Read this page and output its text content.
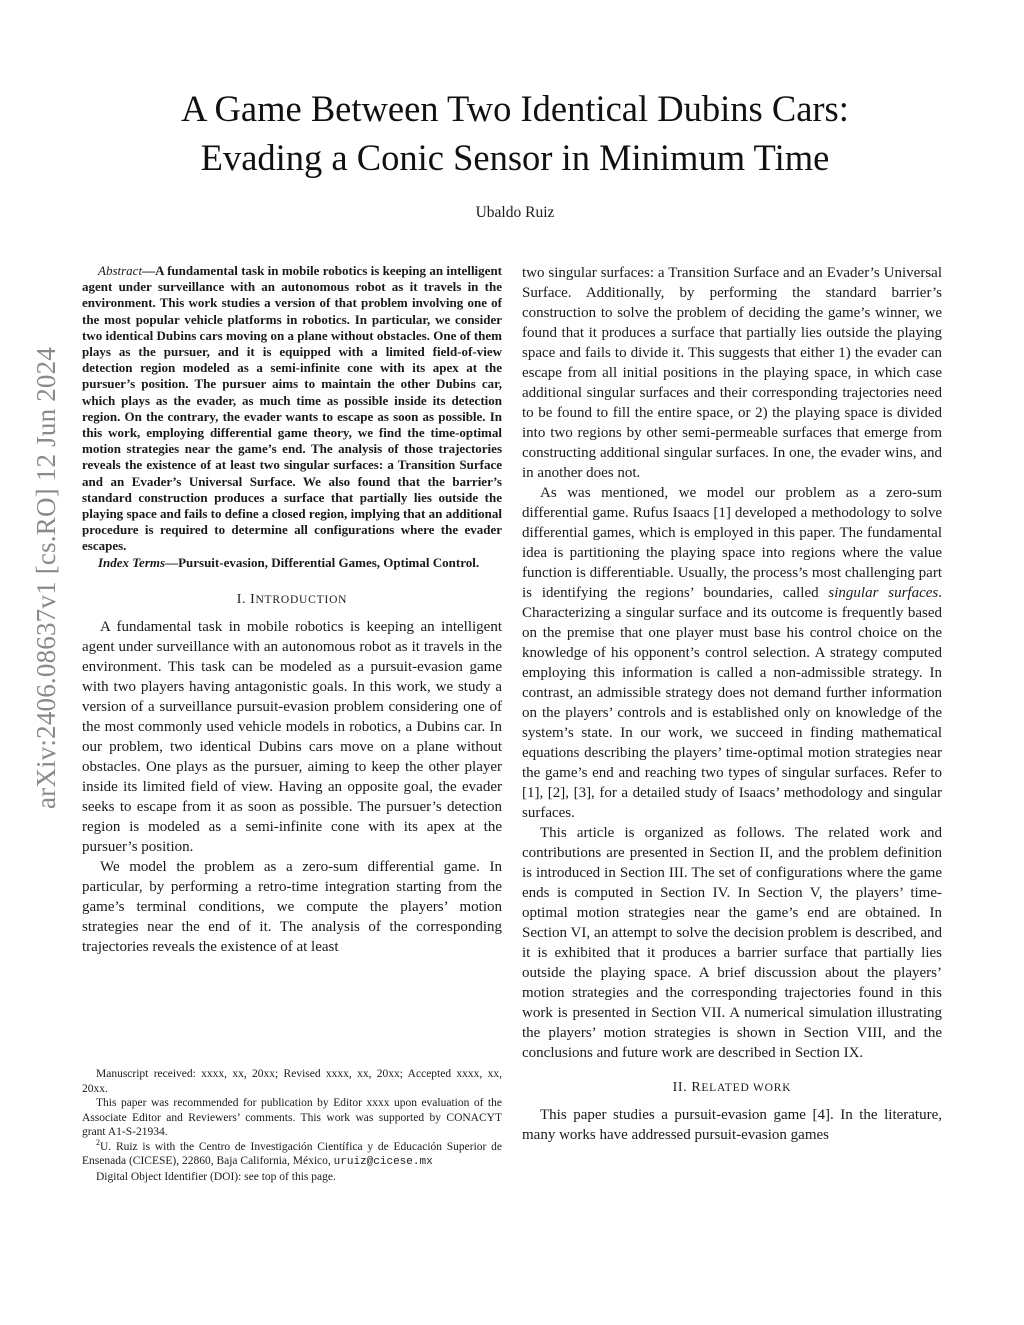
arXiv:2406.08637v1 [cs.RO] 12 Jun 2024
A Game Between Two Identical Dubins Cars:
Evading a Conic Sensor in Minimum Time
Ubaldo Ruiz

Abstract—A fundamental task in mobile robotics is keeping an intelligent agent under surveillance with an autonomous robot as it travels in the environment. This work studies a version of that problem involving one of the most popular vehicle platforms in robotics. In particular, we consider two identical Dubins cars moving on a plane without obstacles. One of them plays as the pursuer, and it is equipped with a limited field-of-view detection region modeled as a semi-infinite cone with its apex at the pursuer’s position. The pursuer aims to maintain the other Dubins car, which plays as the evader, as much time as possible inside its detection region. On the contrary, the evader wants to escape as soon as possible. In this work, employing differential game theory, we find the time-optimal motion strategies near the game’s end. The analysis of those trajectories reveals the existence of at least two singular surfaces: a Transition Surface and an Evader’s Universal Surface. We also found that the barrier’s standard construction produces a surface that partially lies outside the playing space and fails to define a closed region, implying that an additional procedure is required to determine all configurations where the evader escapes.

Index Terms—Pursuit-evasion, Differential Games, Optimal Control.

I. INTRODUCTION

A fundamental task in mobile robotics is keeping an intelligent agent under surveillance with an autonomous robot as it travels in the environment. This task can be modeled as a pursuit-evasion game with two players having antagonistic goals. In this work, we study a version of a surveillance pursuit-evasion problem considering one of the most commonly used vehicle models in robotics, a Dubins car. In our problem, two identical Dubins cars move on a plane without obstacles. One plays as the pursuer, aiming to keep the other player inside its limited field of view. Having an opposite goal, the evader seeks to escape from it as soon as possible. The pursuer’s detection region is modeled as a semi-infinite cone with its apex at the pursuer’s position.

We model the problem as a zero-sum differential game. In particular, by performing a retro-time integration starting from the game’s terminal conditions, we compute the players’ motion strategies near the end of it. The analysis of the corresponding trajectories reveals the existence of at least

Manuscript received: xxxx, xx, 20xx; Revised xxxx, xx, 20xx; Accepted xxxx, xx, 20xx.

This paper was recommended for publication by Editor xxxx upon evaluation of the Associate Editor and Reviewers’ comments. This work was supported by CONACYT grant A1-S-21934.

$^2$U. Ruiz is with the Centro de Investigación Científica y de Educación Superior de Ensenada (CICESE), 22860, Baja California, México, uruiz@cicese.mx

Digital Object Identifier (DOI): see top of this page.

two singular surfaces: a Transition Surface and an Evader’s Universal Surface. Additionally, by performing the standard barrier’s construction to solve the problem of deciding the game’s winner, we found that it produces a surface that partially lies outside the playing space and fails to divide it. This suggests that either 1) the evader can escape from all initial positions in the playing space, in which case additional singular surfaces and their corresponding trajectories need to be found to fill the entire space, or 2) the playing space is divided into two regions by other semi-permeable surfaces that emerge from constructing additional singular surfaces. In one, the evader wins, and in another does not.

As was mentioned, we model our problem as a zero-sum differential game. Rufus Isaacs [1] developed a methodology to solve differential games, which is employed in this paper. The fundamental idea is partitioning the playing space into regions where the value function is differentiable. Usually, the process’s most challenging part is identifying the regions’ boundaries, called singular surfaces. Characterizing a singular surface and its outcome is frequently based on the premise that one player must base his control choice on the knowledge of his opponent’s control selection. A strategy computed employing this information is called a non-admissible strategy. In contrast, an admissible strategy does not demand further information on the players’ controls and is established only on knowledge of the system’s state. In our work, we succeed in finding mathematical equations describing the players’ time-optimal motion strategies near the game’s end and reaching two types of singular surfaces. Refer to [1], [2], [3], for a detailed study of Isaacs’ methodology and singular surfaces.

This article is organized as follows. The related work and contributions are presented in Section II, and the problem definition is introduced in Section III. The set of configurations where the game ends is computed in Section IV. In Section V, the players’ time-optimal motion strategies near the game’s end are obtained. In Section VI, an attempt to solve the decision problem is described, and it is exhibited that it produces a barrier surface that partially lies outside the playing space. A brief discussion about the players’ motion strategies and the corresponding trajectories found in this work is presented in Section VII. A numerical simulation illustrating the players’ motion strategies is shown in Section VIII, and the conclusions and future work are described in Section IX.

II. RELATED WORK

This paper studies a pursuit-evasion game [4]. In the literature, many works have addressed pursuit-evasion games
